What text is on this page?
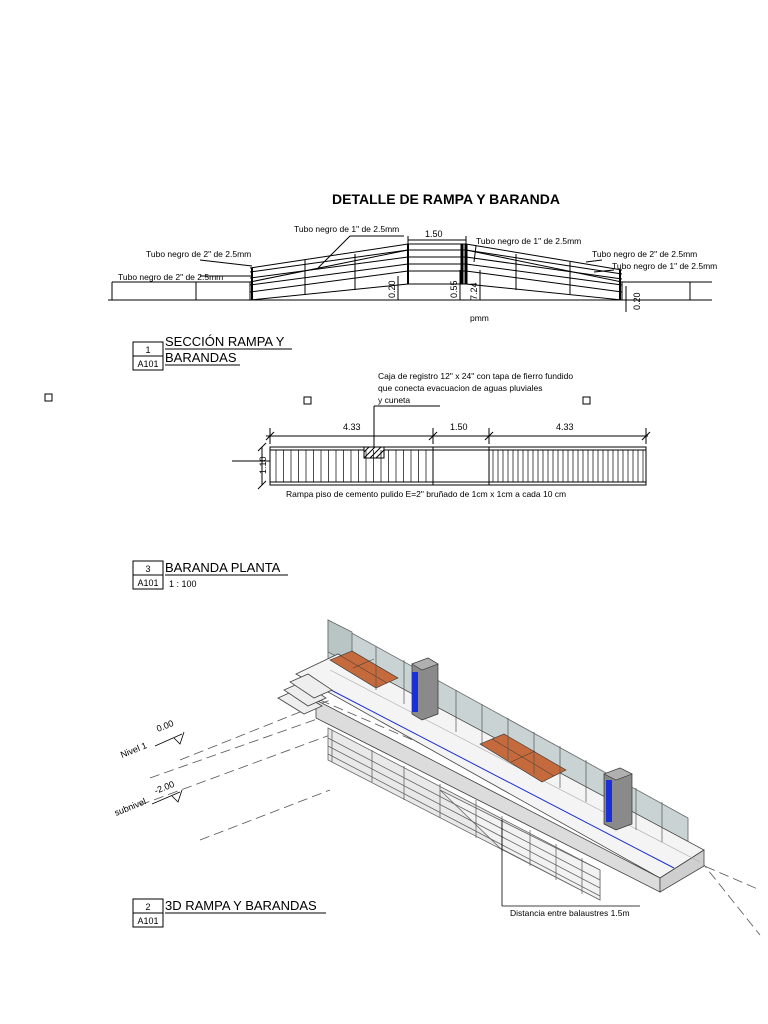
DETALLE DE RAMPA Y BARANDA
Tubo negro de 1" de 2.5mm
Tubo negro de 1" de 2.5mm
Tubo negro de 2" de 2.5mm
Tubo negro de 2" de 2.5mm
Tubo negro de 2" de 2.5mm
Tubo negro de 1" de 2.5mm
1.50
0.20	0.55 7.24
0.20
pmm
1
A101
SECCIÓN RAMPA Y
BARANDAS
Caja de registro 12" x 24" con tapa de fierro fundido
que conecta evacuacion de aguas pluviales
y cuneta
4.33	1.50	4.33
1.10
Rampa piso de cemento pulido E=2" bruñado de 1cm x 1cm a cada 10 cm
3
A101
BARANDA PLANTA
1 : 100
Nivel 1
0.00
subnivel
-2.00
Distancia entre balaustres 1.5m
2
A101
3D RAMPA Y BARANDAS
